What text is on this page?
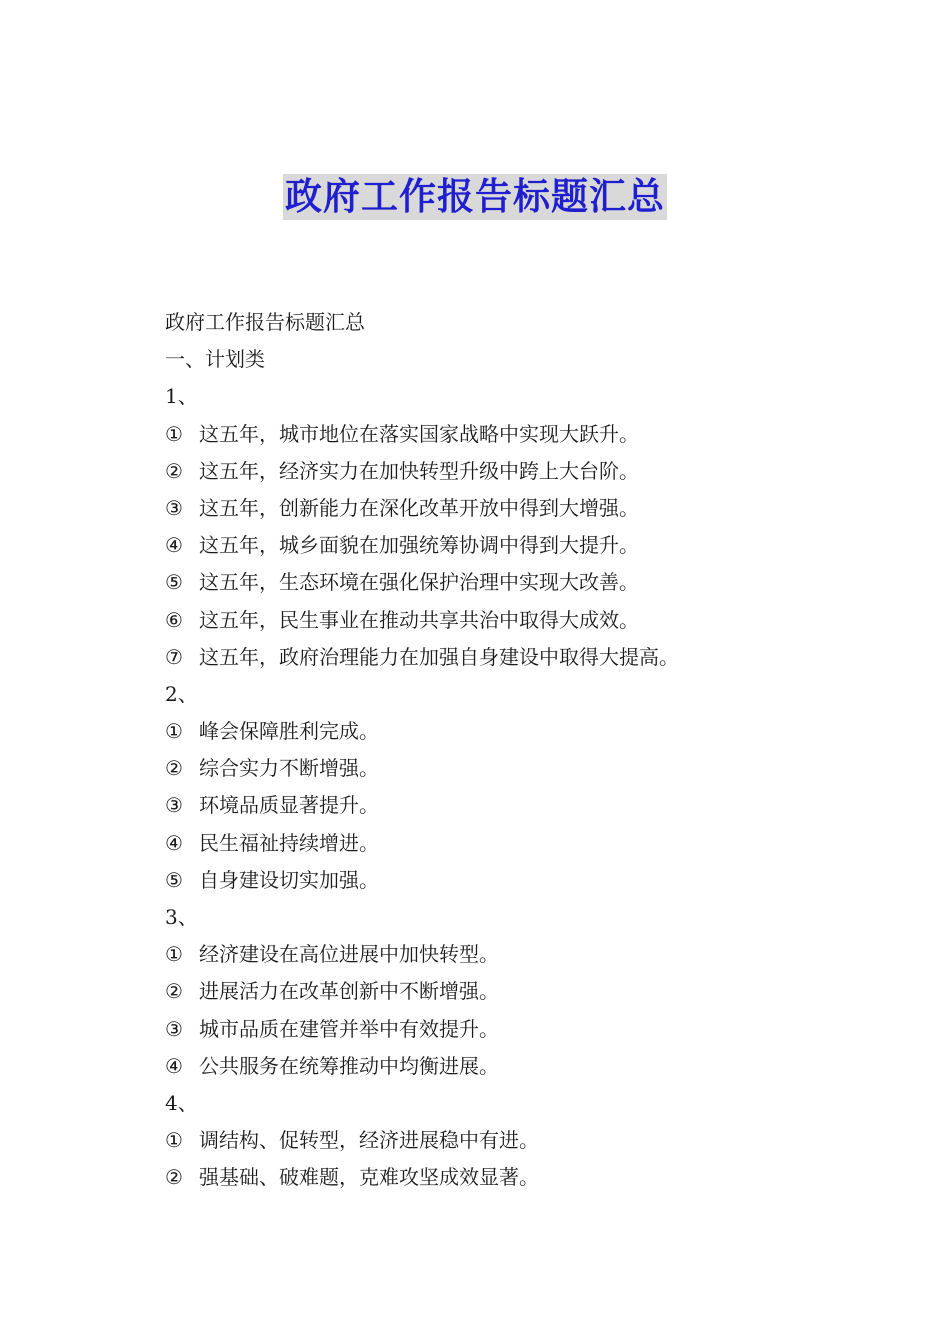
政府工作报告标题汇总
政府工作报告标题汇总
一、计划类
1、
① 这五年，城市地位在落实国家战略中实现大跃升。
② 这五年，经济实力在加快转型升级中跨上大台阶。
③ 这五年，创新能力在深化改革开放中得到大增强。
④ 这五年，城乡面貌在加强统筹协调中得到大提升。
⑤ 这五年，生态环境在强化保护治理中实现大改善。
⑥ 这五年，民生事业在推动共享共治中取得大成效。
⑦ 这五年，政府治理能力在加强自身建设中取得大提高。
2、
① 峰会保障胜利完成。
② 综合实力不断增强。
③ 环境品质显著提升。
④ 民生福祉持续增进。
⑤ 自身建设切实加强。
3、
① 经济建设在高位进展中加快转型。
② 进展活力在改革创新中不断增强。
③ 城市品质在建管并举中有效提升。
④ 公共服务在统筹推动中均衡进展。
4、
① 调结构、促转型，经济进展稳中有进。
② 强基础、破难题，克难攻坚成效显著。
